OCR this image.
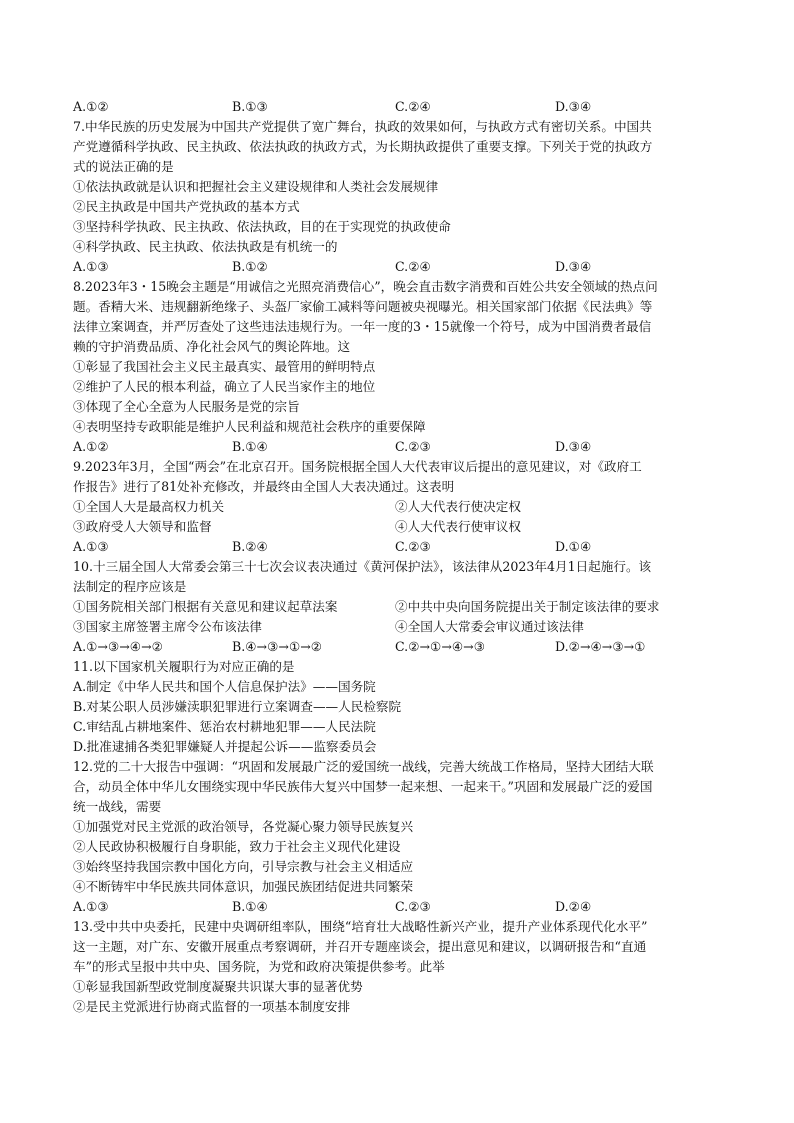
A.①②	B.①③	C.②④	D.③④
7.中华民族的历史发展为中国共产党提供了宽广舞台，执政的效果如何，与执政方式有密切关系。中国共
产党遵循科学执政、民主执政、依法执政的执政方式，为长期执政提供了重要支撑。下列关于党的执政方
式的说法正确的是
①依法执政就是认识和把握社会主义建设规律和人类社会发展规律
②民主执政是中国共产党执政的基本方式
③坚持科学执政、民主执政、依法执政，目的在于实现党的执政使命
④科学执政、民主执政、依法执政是有机统一的
A.①③	B.①②	C.②④	D.③④
8.2023年3・15晚会主题是“用诚信之光照亮消费信心”，晚会直击数字消费和百姓公共安全领域的热点问
题。香精大米、违规翻新绝缘子、头盔厂家偷工减料等问题被央视曝光。相关国家部门依据《民法典》等
法律立案调查，并严厉查处了这些违法违规行为。一年一度的3・15就像一个符号，成为中国消费者最信
赖的守护消费品质、净化社会风气的舆论阵地。这
①彰显了我国社会主义民主最真实、最管用的鲜明特点
②维护了人民的根本利益，确立了人民当家作主的地位
③体现了全心全意为人民服务是党的宗旨
④表明坚持专政职能是维护人民利益和规范社会秩序的重要保障
A.①②	B.①④	C.②③	D.③④
9.2023年3月，全国“两会”在北京召开。国务院根据全国人大代表审议后提出的意见建议，对《政府工
作报告》进行了81处补充修改，并最终由全国人大表决通过。这表明
①全国人大是最高权力机关	②人大代表行使决定权
③政府受人大领导和监督	④人大代表行使审议权
A.①③	B.②④	C.②③	D.①④
10.十三届全国人大常委会第三十七次会议表决通过《黄河保护法》，该法律从2023年4月1日起施行。该
法制定的程序应该是
①国务院相关部门根据有关意见和建议起草法案	②中共中央向国务院提出关于制定该法律的要求
③国家主席签署主席令公布该法律	④全国人大常委会审议通过该法律
A.①→③→④→②	B.④→③→①→②	C.②→①→④→③	D.②→④→③→①
11.以下国家机关履职行为对应正确的是
A.制定《中华人民共和国个人信息保护法》——国务院
B.对某公职人员涉嫌渎职犯罪进行立案调查——人民检察院
C.审结乱占耕地案件、惩治农村耕地犯罪——人民法院
D.批准逮捕各类犯罪嫌疑人并提起公诉——监察委员会
12.党的二十大报告中强调：“巩固和发展最广泛的爱国统一战线，完善大统战工作格局，坚持大团结大联
合，动员全体中华儿女围绕实现中华民族伟大复兴中国梦一起来想、一起来干。”巩固和发展最广泛的爱国
统一战线，需要
①加强党对民主党派的政治领导，各党凝心聚力领导民族复兴
②人民政协积极履行自身职能，致力于社会主义现代化建设
③始终坚持我国宗教中国化方向，引导宗教与社会主义相适应
④不断铸牢中华民族共同体意识，加强民族团结促进共同繁荣
A.①③	B.①④	C.②③	D.②④
13.受中共中央委托，民建中央调研组率队，围绕“培育壮大战略性新兴产业，提升产业体系现代化水平”
这一主题，对广东、安徽开展重点考察调研，并召开专题座谈会，提出意见和建议，以调研报告和“直通
车”的形式呈报中共中央、国务院，为党和政府决策提供参考。此举
①彰显我国新型政党制度凝聚共识谋大事的显著优势
②是民主党派进行协商式监督的一项基本制度安排
